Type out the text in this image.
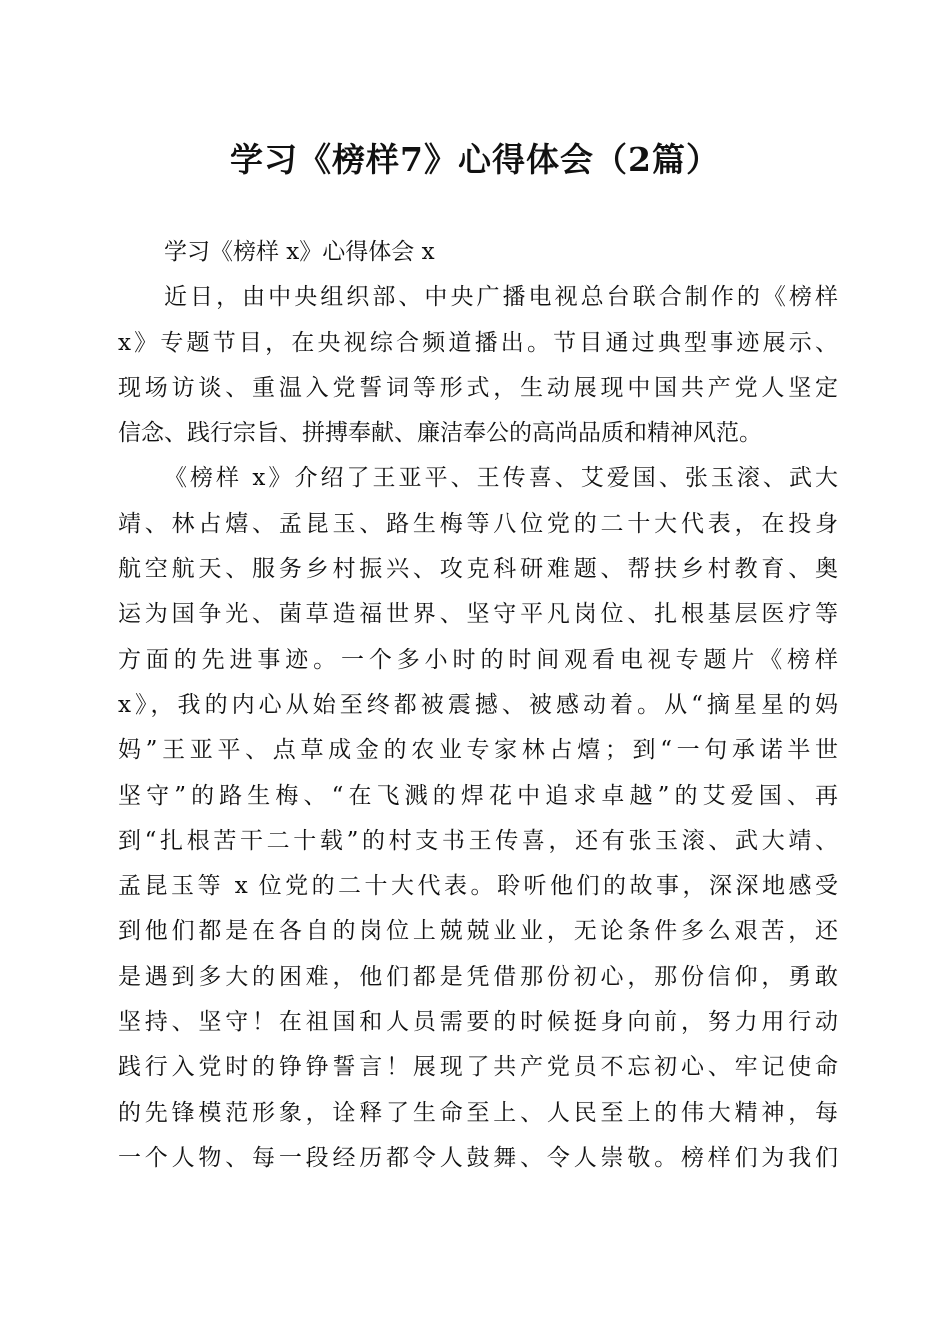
学习《榜样7》心得体会（2篇）
学习《榜样 x》心得体会 x
近日，由中央组织部、中央广播电视总台联合制作的《榜样
x》专题节目，在央视综合频道播出。节目通过典型事迹展示、
现场访谈、重温入党誓词等形式，生动展现中国共产党人坚定
信念、践行宗旨、拼搏奉献、廉洁奉公的高尚品质和精神风范。
《榜样 x》介绍了王亚平、王传喜、艾爱国、张玉滚、武大
靖、林占熺、孟昆玉、路生梅等八位党的二十大代表，在投身
航空航天、服务乡村振兴、攻克科研难题、帮扶乡村教育、奥
运为国争光、菌草造福世界、坚守平凡岗位、扎根基层医疗等
方面的先进事迹。一个多小时的时间观看电视专题片《榜样
x》，我的内心从始至终都被震撼、被感动着。从“摘星星的妈
妈”王亚平、点草成金的农业专家林占熺；到“一句承诺半世
坚守”的路生梅、“在飞溅的焊花中追求卓越”的艾爱国、再
到“扎根苦干二十载”的村支书王传喜，还有张玉滚、武大靖、
孟昆玉等 x 位党的二十大代表。聆听他们的故事，深深地感受
到他们都是在各自的岗位上兢兢业业，无论条件多么艰苦，还
是遇到多大的困难，他们都是凭借那份初心，那份信仰，勇敢
坚持、坚守！在祖国和人员需要的时候挺身向前，努力用行动
践行入党时的铮铮誓言！展现了共产党员不忘初心、牢记使命
的先锋模范形象，诠释了生命至上、人民至上的伟大精神，每
一个人物、每一段经历都令人鼓舞、令人崇敬。榜样们为我们
